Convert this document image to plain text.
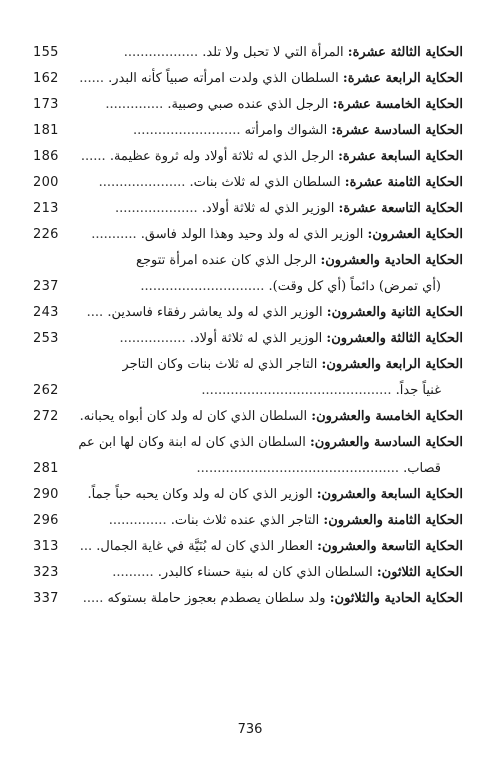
155	الحكاية الثالثة عشرة: المرأة التي لا تحبل ولا تلد. ..................
162	الحكاية الرابعة عشرة: السلطان الذي ولدت امرأته صبياً كأنه البدر. ......
173	الحكاية الخامسة عشرة: الرجل الذي عنده صبي وصبية. ..............
181	الحكاية السادسة عشرة: الشواك وامرأته ..........................
186	الحكاية السابعة عشرة: الرجل الذي له ثلاثة أولاد وله ثروة عظيمة. ......
200	الحكاية الثامنة عشرة: السلطان الذي له ثلاث بنات. .....................
213	الحكاية التاسعة عشرة: الوزير الذي له ثلاثة أولاد. ....................
226	الحكاية العشرون: الوزير الذي له ولد وحيد وهذا الولد فاسق. ...........
الحكاية الحادية والعشرون: الرجل الذي كان عنده امرأة تتوجع
237	(أي تمرض) دائماً (أي كل وقت). ..............................
243	الحكاية الثانية والعشرون: الوزير الذي له ولد يعاشر رفقاء فاسدين. ....
253	الحكاية الثالثة والعشرون: الوزير الذي له ثلاثة أولاد. ................
الحكاية الرابعة والعشرون: التاجر الذي له ثلاث بنات وكان التاجر
262	غنياً جداً. ..............................................
272	الحكاية الخامسة والعشرون: السلطان الذي كان له ولد كان أبواه يحبانه.
الحكاية السادسة والعشرون: السلطان الذي كان له ابنة وكان لها ابن عم
281	قصاب. .................................................
290	الحكاية السابعة والعشرون: الوزير الذي كان له ولد وكان يحبه حباً جماً.
296	الحكاية الثامنة والعشرون: التاجر الذي عنده ثلاث بنات. ..............
313	الحكاية التاسعة والعشرون: العطار الذي كان له بُنَيَّة في غاية الجمال. ...
323	الحكاية الثلاثون: السلطان الذي كان له بنية حسناء كالبدر. ..........
337	الحكاية الحادية والثلاثون: ولد سلطان يصطدم بعجوز حاملة بستوكه .....
736
